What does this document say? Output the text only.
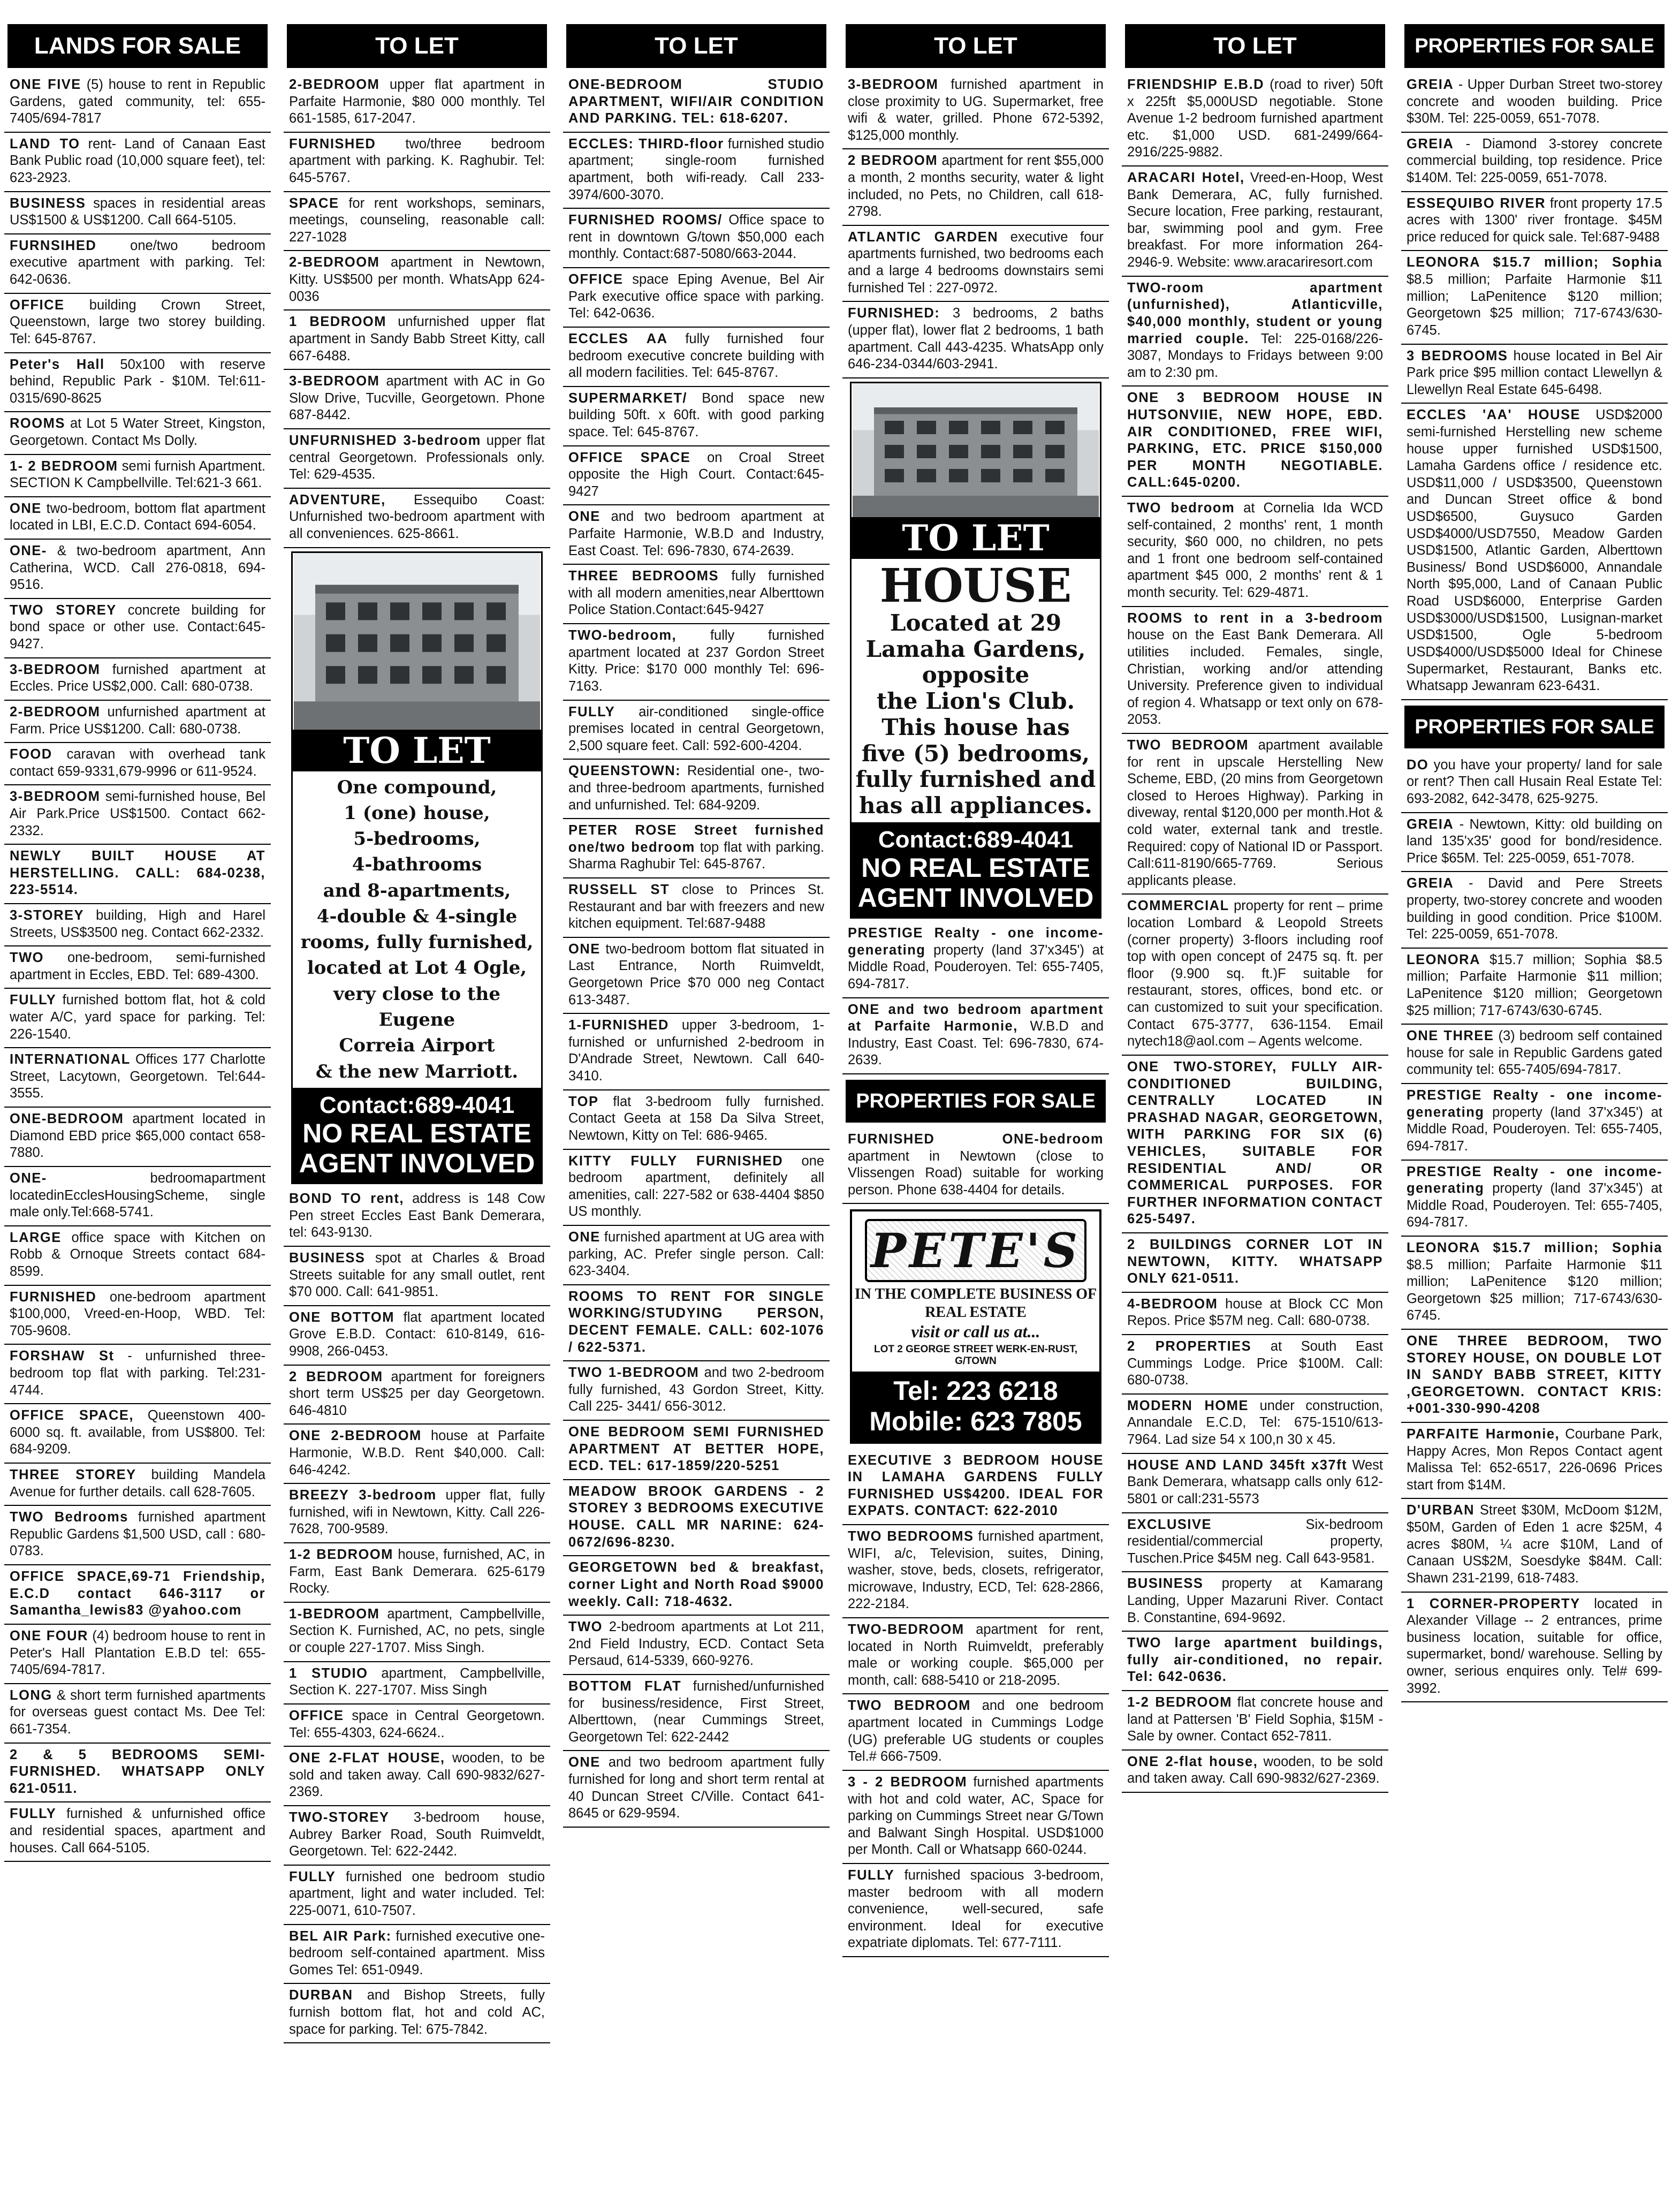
LANDS FOR SALE
ONE FIVE (5) house to rent in Republic Gardens, gated community, tel: 655-7405/694-7817
LAND TO rent- Land of Canaan East Bank Public road (10,000 square feet), tel: 623-2923.
BUSINESS spaces in residential areas US$1500 & US$1200. Call 664-5105.
FURNSIHED one/two bedroom executive apartment with parking. Tel: 642-0636.
OFFICE building Crown Street, Queenstown, large two storey building. Tel: 645-8767.
Peter's Hall 50x100 with reserve behind, Republic Park - $10M. Tel:611-0315/690-8625
ROOMS at Lot 5 Water Street, Kingston, Georgetown. Contact Ms Dolly.
1- 2 BEDROOM semi furnish Apartment. SECTION K Campbellville. Tel:621-3 661.
ONE two-bedroom, bottom flat apartment located in LBI, E.C.D. Contact 694-6054.
ONE- & two-bedroom apartment, Ann Catherina, WCD. Call 276-0818, 694-9516.
TWO STOREY concrete building for bond space or other use. Contact:645-9427.
3-BEDROOM furnished apartment at Eccles. Price US$2,000. Call: 680-0738.
2-BEDROOM unfurnished apartment at Farm. Price US$1200. Call: 680-0738.
FOOD caravan with overhead tank contact 659-9331,679-9996 or 611-9524.
3-BEDROOM semi-furnished house, Bel Air Park.Price US$1500. Contact 662-2332.
NEWLY BUILT HOUSE AT HERSTELLING. CALL: 684-0238, 223-5514.
3-STOREY building, High and Harel Streets, US$3500 neg. Contact 662-2332.
TWO one-bedroom, semi-furnished apartment in Eccles, EBD. Tel: 689-4300.
FULLY furnished bottom flat, hot & cold water A/C, yard space for parking. Tel: 226-1540.
INTERNATIONAL Offices 177 Charlotte Street, Lacytown, Georgetown. Tel:644-3555.
ONE-BEDROOM apartment located in Diamond EBD price $65,000 contact 658-7880.
ONE-	bedroomapartment locatedinEcclesHousingScheme, single male only.Tel:668-5741.
LARGE office space with Kitchen on Robb & Ornoque Streets contact 684-8599.
FURNISHED one-bedroom apartment $100,000, Vreed-en-Hoop, WBD. Tel: 705-9608.
FORSHAW St - unfurnished three-bedroom top flat with parking. Tel:231-4744.
OFFICE SPACE, Queenstown 400-6000 sq. ft. available, from US$800. Tel: 684-9209.
THREE STOREY building Mandela Avenue for further details. call 628-7605.
TWO Bedrooms furnished apartment Republic Gardens $1,500 USD, call : 680-0783.
OFFICE SPACE,69-71 Friendship, E.C.D contact 646-3117 or Samantha_lewis83 @yahoo.com
ONE FOUR (4) bedroom house to rent in Peter's Hall Plantation E.B.D tel: 655-7405/694-7817.
LONG & short term furnished apartments for overseas guest contact Ms. Dee Tel: 661-7354.
2 & 5 BEDROOMS SEMI-FURNISHED. WHATSAPP ONLY 621-0511.
FULLY furnished & unfurnished office and residential spaces, apartment and houses. Call 664-5105.
TO LET
2-BEDROOM upper flat apartment in Parfaite Harmonie, $80 000 monthly. Tel 661-1585, 617-2047.
FURNISHED two/three bedroom apartment with parking. K. Raghubir. Tel: 645-5767.
SPACE for rent workshops, seminars, meetings, counseling, reasonable call: 227-1028
2-BEDROOM apartment in Newtown, Kitty. US$500 per month. WhatsApp 624-0036
1 BEDROOM unfurnished upper flat apartment in Sandy Babb Street Kitty, call 667-6488.
3-BEDROOM apartment with AC in Go Slow Drive, Tucville, Georgetown. Phone 687-8442.
UNFURNISHED 3-bedroom upper flat central Georgetown. Professionals only. Tel: 629-4535.
ADVENTURE, Essequibo Coast: Unfurnished two-bedroom apartment with all conveniences. 625-8661.
TO LET
One compound,
1 (one) house,
5-bedrooms,
4-bathrooms
and 8-apartments,
4-double & 4-single
rooms, fully furnished,
located at Lot 4 Ogle,
very close to the Eugene
Correia Airport
& the new Marriott.
Contact:689-4041
NO REAL ESTATE AGENT INVOLVED
BOND TO rent, address is 148 Cow Pen street Eccles East Bank Demerara, tel: 643-9130.
BUSINESS spot at Charles & Broad Streets suitable for any small outlet, rent $70 000. Call: 641-9851.
ONE BOTTOM flat apartment located Grove E.B.D. Contact: 610-8149, 616-9908, 266-0453.
2 BEDROOM apartment for foreigners short term US$25 per day Georgetown. 646-4810
ONE 2-BEDROOM house at Parfaite Harmonie, W.B.D. Rent $40,000. Call: 646-4242.
BREEZY 3-bedroom upper flat, fully furnished, wifi in Newtown, Kitty. Call 226-7628, 700-9589.
1-2 BEDROOM house, furnished, AC, in Farm, East Bank Demerara. 625-6179 Rocky.
1-BEDROOM apartment, Campbellville, Section K. Furnished, AC, no pets, single or couple 227-1707. Miss Singh.
1 STUDIO apartment, Campbellville, Section K. 227-1707. Miss Singh
OFFICE space in Central Georgetown. Tel: 655-4303, 624-6624..
ONE 2-FLAT HOUSE, wooden, to be sold and taken away. Call 690-9832/627-2369.
TWO-STOREY 3-bedroom house, Aubrey Barker Road, South Ruimveldt, Georgetown. Tel: 622-2442.
FULLY furnished one bedroom studio apartment, light and water included. Tel: 225-0071, 610-7507.
BEL AIR Park: furnished executive one-bedroom self-contained apartment. Miss Gomes Tel: 651-0949.
DURBAN and Bishop Streets, fully furnish bottom flat, hot and cold AC, space for parking. Tel: 675-7842.
TO LET
ONE-BEDROOM STUDIO APARTMENT, WIFI/AIR CONDITION AND PARKING. TEL: 618-6207.
ECCLES: THIRD-floor furnished studio apartment; single-room furnished apartment, both wifi-ready. Call 233-3974/600-3070.
FURNISHED ROOMS/ Office space to rent in downtown G/town $50,000 each monthly. Contact:687-5080/663-2044.
OFFICE space Eping Avenue, Bel Air Park executive office space with parking. Tel: 642-0636.
ECCLES AA fully furnished four bedroom executive concrete building with all modern facilities. Tel: 645-8767.
SUPERMARKET/ Bond space new building 50ft. x 60ft. with good parking space. Tel: 645-8767.
OFFICE SPACE on Croal Street opposite the High Court. Contact:645-9427
ONE and two bedroom apartment at Parfaite Harmonie, W.B.D and Industry, East Coast. Tel: 696-7830, 674-2639.
THREE BEDROOMS fully furnished with all modern amenities,near Alberttown Police Station.Contact:645-9427
TWO-bedroom, fully furnished apartment located at 237 Gordon Street Kitty. Price: $170 000 monthly Tel: 696-7163.
FULLY air-conditioned single-office premises located in central Georgetown, 2,500 square feet. Call: 592-600-4204.
QUEENSTOWN: Residential one-, two- and three-bedroom apartments, furnished and unfurnished. Tel: 684-9209.
PETER ROSE Street furnished one/two bedroom top flat with parking. Sharma Raghubir Tel: 645-8767.
RUSSELL ST close to Princes St. Restaurant and bar with freezers and new kitchen equipment. Tel:687-9488
ONE two-bedroom bottom flat situated in Last Entrance, North Ruimveldt, Georgetown Price $70 000 neg Contact 613-3487.
1-FURNISHED upper 3-bedroom, 1-furnished or unfurnished 2-bedroom in D'Andrade Street, Newtown. Call 640-3410.
TOP flat 3-bedroom fully furnished. Contact Geeta at 158 Da Silva Street, Newtown, Kitty on Tel: 686-9465.
KITTY FULLY FURNISHED one bedroom apartment, definitely all amenities, call: 227-582 or 638-4404 $850 US monthly.
ONE furnished apartment at UG area with parking, AC. Prefer single person. Call: 623-3404.
ROOMS TO RENT FOR SINGLE WORKING/STUDYING PERSON, DECENT FEMALE. CALL: 602-1076 / 622-5371.
TWO 1-BEDROOM and two 2-bedroom fully furnished, 43 Gordon Street, Kitty. Call 225- 3441/ 656-3012.
ONE BEDROOM SEMI FURNISHED APARTMENT AT BETTER HOPE, ECD. TEL: 617-1859/220-5251
MEADOW BROOK GARDENS - 2 STOREY 3 BEDROOMS EXECUTIVE HOUSE. CALL MR NARINE: 624-0672/696-8230.
GEORGETOWN bed & breakfast, corner Light and North Road $9000 weekly. Call: 718-4632.
TWO 2-bedroom apartments at Lot 211, 2nd Field Industry, ECD. Contact Seta Persaud, 614-5339, 660-9276.
BOTTOM FLAT furnished/unfurnished for business/residence, First Street, Alberttown, (near Cummings Street, Georgetown Tel: 622-2442
ONE and two bedroom apartment fully furnished for long and short term rental at 40 Duncan Street C/Ville. Contact 641-8645 or 629-9594.
TO LET
3-BEDROOM furnished apartment in close proximity to UG. Supermarket, free wifi & water, grilled. Phone 672-5392, $125,000 monthly.
2 BEDROOM apartment for rent $55,000 a month, 2 months security, water & light included, no Pets, no Children, call 618-2798.
ATLANTIC GARDEN executive four apartments furnished, two bedrooms each and a large 4 bedrooms downstairs semi furnished Tel : 227-0972.
FURNISHED: 3 bedrooms, 2 baths (upper flat), lower flat 2 bedrooms, 1 bath apartment. Call 443-4235. WhatsApp only 646-234-0344/603-2941.
TO LET
HOUSE
Located at 29
Lamaha Gardens,
opposite
the Lion's Club.
This house has
five (5) bedrooms,
fully furnished and
has all appliances.
Contact:689-4041
NO REAL ESTATE AGENT INVOLVED
PRESTIGE Realty - one income-generating property (land 37'x345') at Middle Road, Pouderoyen. Tel: 655-7405, 694-7817.
ONE and two bedroom apartment at Parfaite Harmonie, W.B.D and Industry, East Coast. Tel: 696-7830, 674-2639.
PROPERTIES FOR SALE
FURNISHED ONE-bedroom apartment in Newtown (close to Vlissengen Road) suitable for working person. Phone 638-4404 for details.
PETE'S
IN THE COMPLETE BUSINESS OF REAL ESTATE
visit or call us at...
LOT 2 GEORGE STREET WERK-EN-RUST, G/TOWN
Tel: 223 6218
Mobile: 623 7805
EXECUTIVE 3 BEDROOM HOUSE IN LAMAHA GARDENS FULLY FURNISHED US$4200. IDEAL FOR EXPATS. CONTACT: 622-2010
TWO BEDROOMS furnished apartment, WIFI, a/c, Television, suites, Dining, washer, stove, beds, closets, refrigerator, microwave, Industry, ECD, Tel: 628-2866, 222-2184.
TWO-BEDROOM apartment for rent, located in North Ruimveldt, preferably male or working couple. $65,000 per month, call: 688-5410 or 218-2095.
TWO BEDROOM and one bedroom apartment located in Cummings Lodge (UG) preferable UG students or couples Tel.# 666-7509.
3 - 2 BEDROOM furnished apartments with hot and cold water, AC, Space for parking on Cummings Street near G/Town and Balwant Singh Hospital. USD$1000 per Month. Call or Whatsapp 660-0244.
FULLY furnished spacious 3-bedroom, master bedroom with all modern convenience, well-secured, safe environment. Ideal for executive expatriate diplomats. Tel: 677-7111.
TO LET
FRIENDSHIP E.B.D (road to river) 50ft x 225ft $5,000USD negotiable. Stone Avenue 1-2 bedroom furnished apartment etc. $1,000 USD. 681-2499/664-2916/225-9882.
ARACARI Hotel, Vreed-en-Hoop, West Bank Demerara, AC, fully furnished. Secure location, Free parking, restaurant, bar, swimming pool and gym. Free breakfast. For more information 264-2946-9. Website: www.aracariresort.com
TWO-room apartment (unfurnished), Atlanticville, $40,000 monthly, student or young married couple. Tel: 225-0168/226-3087, Mondays to Fridays between 9:00 am to 2:30 pm.
ONE 3 BEDROOM HOUSE IN HUTSONVIIE, NEW HOPE, EBD. AIR CONDITIONED, FREE WIFI, PARKING, ETC. PRICE $150,000 PER MONTH NEGOTIABLE. CALL:645-0200.
TWO bedroom at Cornelia Ida WCD self-contained, 2 months' rent, 1 month security, $60 000, no children, no pets and 1 front one bedroom self-contained apartment $45 000, 2 months' rent & 1 month security. Tel: 629-4871.
ROOMS to rent in a 3-bedroom house on the East Bank Demerara. All utilities included. Females, single, Christian, working and/or attending University. Preference given to individual of region 4. Whatsapp or text only on 678-2053.
TWO BEDROOM apartment available for rent in upscale Herstelling New Scheme, EBD, (20 mins from Georgetown closed to Heroes Highway). Parking in diveway, rental $120,000 per month.Hot & cold water, external tank and trestle. Required: copy of National ID or Passport. Call:611-8190/665-7769. Serious applicants please.
COMMERCIAL property for rent – prime location Lombard & Leopold Streets (corner property) 3-floors including roof top with open concept of 2475 sq. ft. per floor (9.900 sq. ft.)F suitable for restaurant, stores, offices, bond etc. or can customized to suit your specification. Contact 675-3777, 636-1154. Email nytech18@aol.com – Agents welcome.
ONE TWO-STOREY, FULLY AIR-CONDITIONED BUILDING, CENTRALLY LOCATED IN PRASHAD NAGAR, GEORGETOWN, WITH PARKING FOR SIX (6) VEHICLES, SUITABLE FOR RESIDENTIAL AND/ OR COMMERICAL PURPOSES. FOR FURTHER INFORMATION CONTACT 625-5497.
2 BUILDINGS CORNER LOT IN NEWTOWN, KITTY. WHATSAPP ONLY 621-0511.
4-BEDROOM house at Block CC Mon Repos. Price $57M neg. Call: 680-0738.
2 PROPERTIES at South East Cummings Lodge. Price $100M. Call: 680-0738.
MODERN HOME under construction, Annandale E.C.D, Tel: 675-1510/613-7964. Lad size 54 x 100,n 30 x 45.
HOUSE AND LAND 345ft x37ft West Bank Demerara, whatsapp calls only 612-5801 or call:231-5573
EXCLUSIVE	Six-bedroom residential/commercial property, Tuschen.Price $45M neg. Call 643-9581.
BUSINESS property at Kamarang Landing, Upper Mazaruni River. Contact B. Constantine, 694-9692.
TWO large apartment buildings, fully air-conditioned, no repair. Tel: 642-0636.
1-2 BEDROOM flat concrete house and land at Pattersen 'B' Field Sophia, $15M - Sale by owner. Contact 652-7811.
ONE 2-flat house, wooden, to be sold and taken away. Call 690-9832/627-2369.
PROPERTIES FOR SALE
GREIA - Upper Durban Street two-storey concrete and wooden building. Price $30M. Tel: 225-0059, 651-7078.
GREIA - Diamond 3-storey concrete commercial building, top residence. Price $140M. Tel: 225-0059, 651-7078.
ESSEQUIBO RIVER front property 17.5 acres with 1300' river frontage. $45M price reduced for quick sale. Tel:687-9488
LEONORA $15.7 million; Sophia $8.5 million; Parfaite Harmonie $11 million; LaPenitence $120 million; Georgetown $25 million; 717-6743/630-6745.
3 BEDROOMS house located in Bel Air Park price $95 million contact Llewellyn & Llewellyn Real Estate 645-6498.
ECCLES 'AA' HOUSE USD$2000 semi-furnished Herstelling new scheme house upper furnished USD$1500, Lamaha Gardens office / residence etc. USD$11,000 / USD$3500, Queenstown and Duncan Street office & bond USD$6500, Guysuco Garden USD$4000/USD7550, Meadow Garden USD$1500, Atlantic Garden, Alberttown Business/ Bond USD$6000, Annandale North $95,000, Land of Canaan Public Road USD$6000, Enterprise Garden USD$3000/USD$1500, Lusignan-market USD$1500, Ogle 5-bedroom USD$4000/USD$5000 Ideal for Chinese Supermarket, Restaurant, Banks etc. Whatsapp Jewanram 623-6431.
PROPERTIES FOR SALE
DO you have your property/ land for sale or rent? Then call Husain Real Estate Tel: 693-2082, 642-3478, 625-9275.
GREIA - Newtown, Kitty: old building on land 135'x35' good for bond/residence. Price $65M. Tel: 225-0059, 651-7078.
GREIA - David and Pere Streets property, two-storey concrete and wooden building in good condition. Price $100M. Tel: 225-0059, 651-7078.
LEONORA $15.7 million; Sophia $8.5 million; Parfaite Harmonie $11 million; LaPenitence $120 million; Georgetown $25 million; 717-6743/630-6745.
ONE THREE (3) bedroom self contained house for sale in Republic Gardens gated community tel: 655-7405/694-7817.
PRESTIGE Realty - one income-generating property (land 37'x345') at Middle Road, Pouderoyen. Tel: 655-7405, 694-7817.
PRESTIGE Realty - one income-generating property (land 37'x345') at Middle Road, Pouderoyen. Tel: 655-7405, 694-7817.
LEONORA $15.7 million; Sophia $8.5 million; Parfaite Harmonie $11 million; LaPenitence $120 million; Georgetown $25 million; 717-6743/630-6745.
ONE THREE BEDROOM, TWO STOREY HOUSE, ON DOUBLE LOT IN SANDY BABB STREET, KITTY ,GEORGETOWN. CONTACT KRIS: +001-330-990-4208
PARFAITE Harmonie, Courbane Park, Happy Acres, Mon Repos Contact agent Malissa Tel: 652-6517, 226-0696 Prices start from $14M.
D'URBAN Street $30M, McDoom $12M, $50M, Garden of Eden 1 acre $25M, 4 acres $80M, ¼ acre $10M, Land of Canaan US$2M, Soesdyke $84M. Call: Shawn 231-2199, 618-7483.
1 CORNER-PROPERTY located in Alexander Village -- 2 entrances, prime business location, suitable for office, supermarket, bond/ warehouse. Selling by owner, serious enquires only. Tel# 699-3992.
